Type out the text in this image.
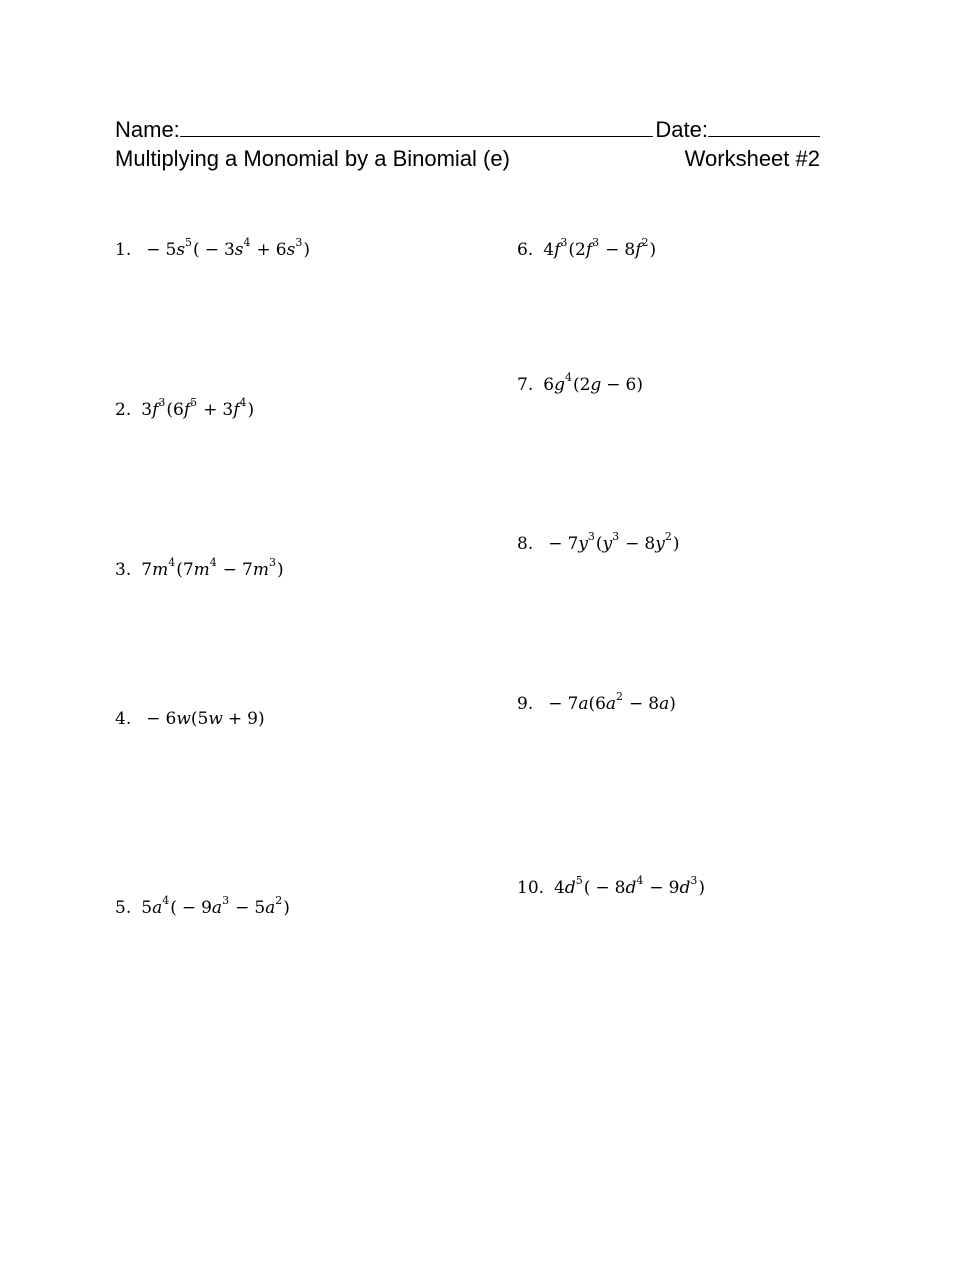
Name:	Date:
Multiplying a Monomial by a Binomial (e)	Worksheet #2
1. − $5s^5( - 3s^4 + 6s^3)$
2. $3f^3(6f^5 + 3f^4)$
3. $7m^4(7m^4 - 7m^3)$
4. − 6w(5w + 9)
5. $5a^4( - 9a^3 - 5a^2)$
6. $4f^3(2f^3 - 8f^2)$
7. $6g^4(2g - 6)$
8. − $7y^3(y^3 - 8y^2)$
9. − $7a(6a^2 - 8a)$
10. $4d^5( - 8d^4 - 9d^3)$
